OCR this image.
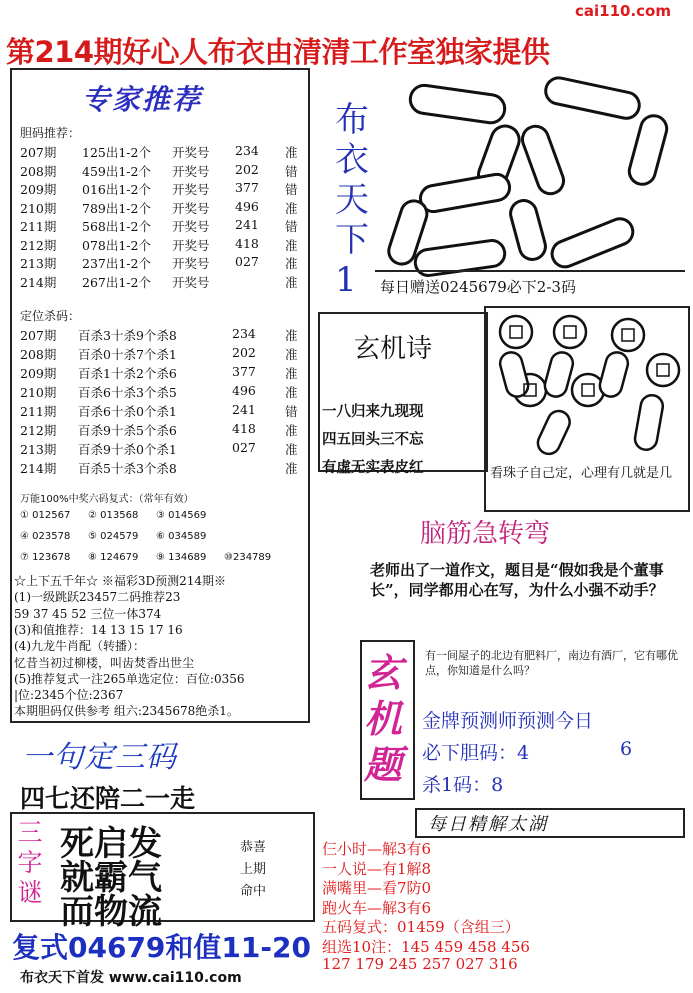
cai110.com
第214期好心人布衣由清清工作室独家提供
专家推荐
胆码推荐：
定位杀码：
万能100%中奖六码复式：（常年有效）
布衣天下1	每日赠送0245679必下2-3码
玄机诗
一八归来九现现
四五回头三不忘
有虚无实表皮红	看珠子自己定，心理有几就是几
脑筋急转弯
老师出了一道作文，题目是“假如我是个董事长”，同学都用心在写，为什么小强不动手？
玄机题
有一间屋子的北边有肥料厂，南边有酒厂，它有哪优点，你知道是什么吗？
金牌预测师预测今日
必下胆码：4	6
杀1码：8
每日精解太湖
一句定三码
四七还陪二一走
三字谜
死启发
就霸气
而物流
恭喜
上期
命中
复式04679和值11-20
布衣天下首发 www.cai110.com
207期 125出1-2个 开奖号 234 准
208期 459出1-2个 开奖号 202 错
209期 016出1-2个 开奖号 377 错
210期 789出1-2个 开奖号 496 准
211期 568出1-2个 开奖号 241 错
212期 078出1-2个 开奖号 418 准
213期 237出1-2个 开奖号 027 准
214期 267出1-2个 开奖号	准
207期 百杀3十杀9个杀8	234 准
208期 百杀0十杀7个杀1	202 准
209期 百杀1十杀2个杀6	377 准
210期 百杀6十杀3个杀5	496 准
211期 百杀6十杀0个杀1	241 错
212期 百杀9十杀5个杀6	418 准
213期 百杀9十杀0个杀1	027 准
214期 百杀5十杀3个杀8	准
① 012567 ② 013568 ③ 014569
④ 023578 ⑤ 024579 ⑥ 034589
⑦ 123678 ⑧ 124679 ⑨ 134689 ⑩234789
☆上下五千年☆ ※福彩3D预测214期※
(1)一级跳跃23457二码推荐23
59 37 45 52 三位一体374
(3)和值推荐：14 13 15 17 16
(4)九龙牛肖配（转播）：
忆昔当初过柳楼，叫齿焚香出世尘
(5)推荐复式一注265单选定位：百位:0356
|位:2345个位:2367
本期胆码仅供参考 组六:2345678绝杀1。
仨小时—解3有6
一人说—有1解8
满嘴里—看7防0
跑火车—解3有6
五码复式：01459（含组三）
组选10注：145 459 458 456
127 179 245 257 027 316
